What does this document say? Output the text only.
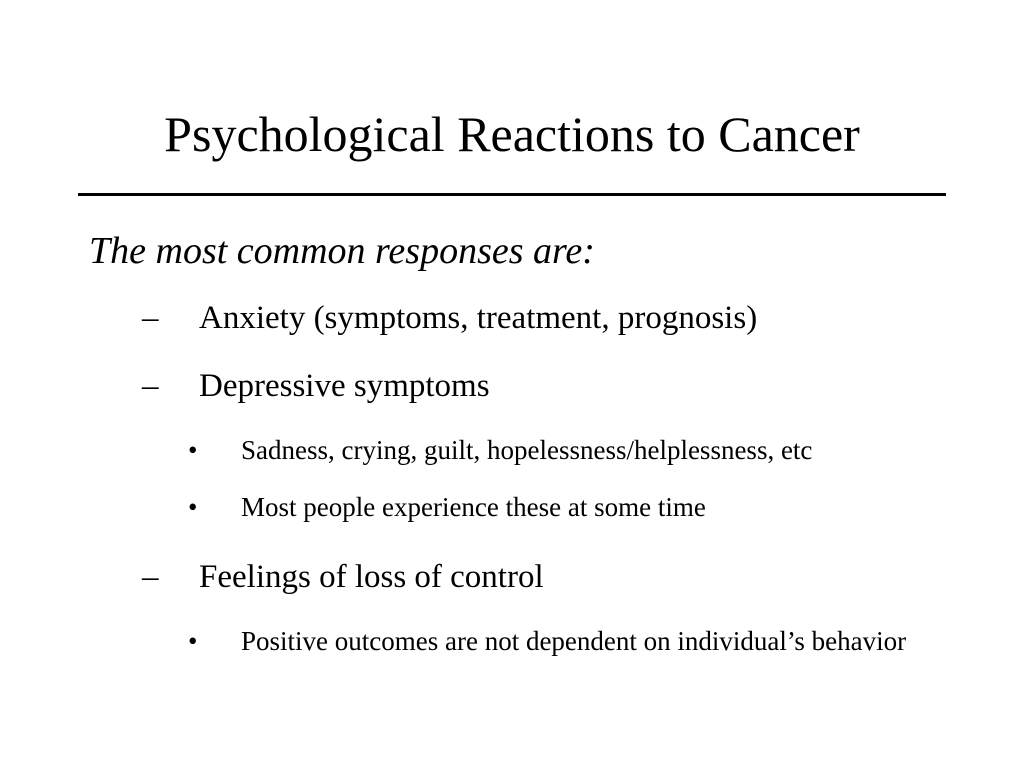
Psychological Reactions to Cancer
The most common responses are:
– Anxiety (symptoms, treatment, prognosis)
– Depressive symptoms
• Sadness, crying, guilt, hopelessness/helplessness, etc
• Most people experience these at some time
– Feelings of loss of control
• Positive outcomes are not dependent on individual’s behavior
